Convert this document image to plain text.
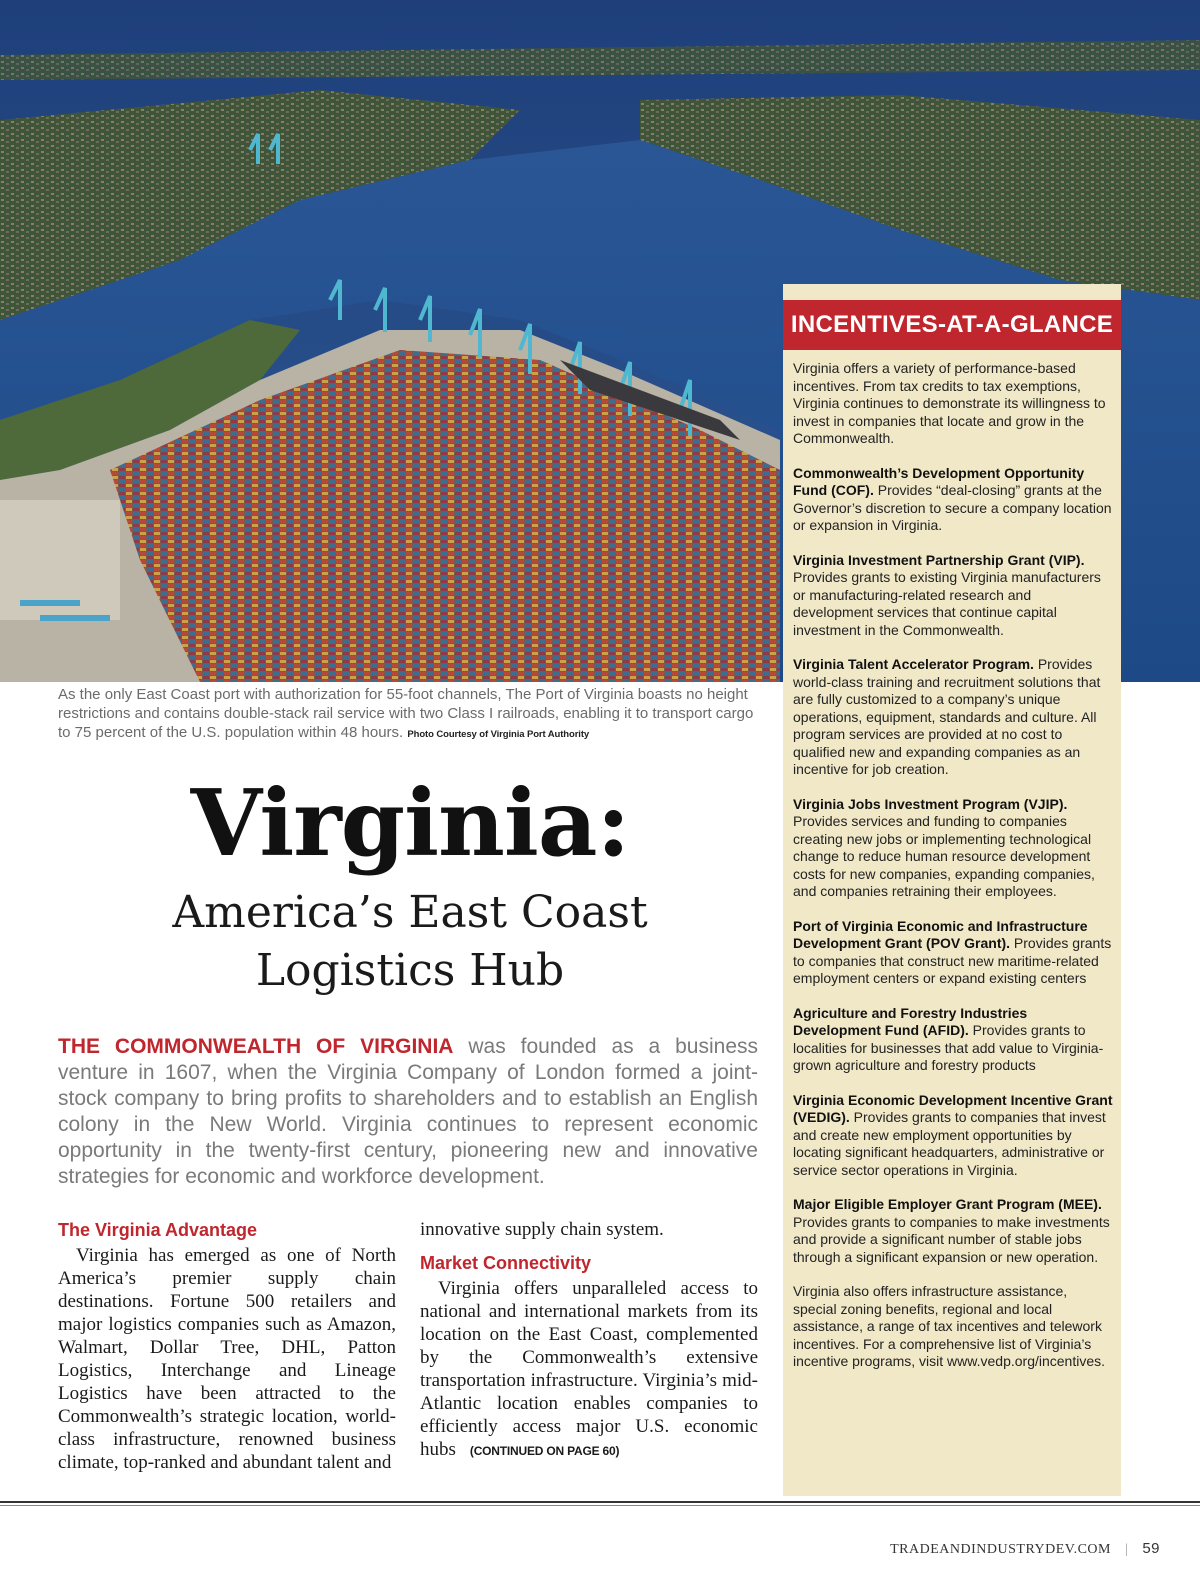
As the only East Coast port with authorization for 55-foot channels, The Port of Virginia boasts no height restrictions and contains double-stack rail service with two Class I railroads, enabling it to transport cargo to 75 percent of the U.S. population within 48 hours. Photo Courtesy of Virginia Port Authority
Virginia:
America’s East Coast
Logistics Hub
THE COMMONWEALTH OF VIRGINIA was founded as a business venture in 1607, when the Virginia Company of London formed a joint-stock company to bring profits to shareholders and to establish an English colony in the New World. Virginia continues to represent economic opportunity in the twenty-first century, pioneering new and innovative strategies for economic and workforce development.
The Virginia Advantage

Virginia has emerged as one of North America’s premier supply chain destinations. Fortune 500 retailers and major logistics companies such as Amazon, Walmart, Dollar Tree, DHL, Patton Logistics, Interchange and Lineage Logistics have been attracted to the Commonwealth’s strategic location, world-class infrastructure, renowned business climate, top-ranked and abundant talent and

innovative supply chain system.

Market Connectivity

Virginia offers unparalleled access to national and international markets from its location on the East Coast, complemented by the Commonwealth’s extensive transportation infrastructure. Virginia’s mid-Atlantic location enables companies to efficiently access major U.S. economic hubs (CONTINUED ON PAGE 60)

INCENTIVES-AT-A-GLANCE
Virginia offers a variety of performance-based incentives. From tax credits to tax exemptions, Virginia continues to demonstrate its willingness to invest in companies that locate and grow in the Commonwealth.
Commonwealth’s Development Opportunity Fund (COF). Provides “deal-closing” grants at the Governor’s discretion to secure a company location or expansion in Virginia.
Virginia Investment Partnership Grant (VIP). Provides grants to existing Virginia manufacturers or manufacturing-related research and development services that continue capital investment in the Commonwealth.
Virginia Talent Accelerator Program. Provides world-class training and recruitment solutions that are fully customized to a company’s unique operations, equipment, standards and culture. All program services are provided at no cost to qualified new and expanding companies as an incentive for job creation.
Virginia Jobs Investment Program (VJIP). Provides services and funding to companies creating new jobs or implementing technological change to reduce human resource development costs for new companies, expanding companies, and companies retraining their employees.
Port of Virginia Economic and Infrastructure Development Grant (POV Grant). Provides grants to companies that construct new maritime-related employment centers or expand existing centers
Agriculture and Forestry Industries Development Fund (AFID). Provides grants to localities for businesses that add value to Virginia-grown agriculture and forestry products
Virginia Economic Development Incentive Grant (VEDIG). Provides grants to companies that invest and create new employment opportunities by locating significant headquarters, administrative or service sector operations in Virginia.
Major Eligible Employer Grant Program (MEE). Provides grants to companies to make investments and provide a significant number of stable jobs through a significant expansion or new operation.
Virginia also offers infrastructure assistance, special zoning benefits, regional and local assistance, a range of tax incentives and telework incentives. For a comprehensive list of Virginia’s incentive programs, visit www.vedp.org/incentives.
TRADEANDINDUSTRYDEV.COM | 59
